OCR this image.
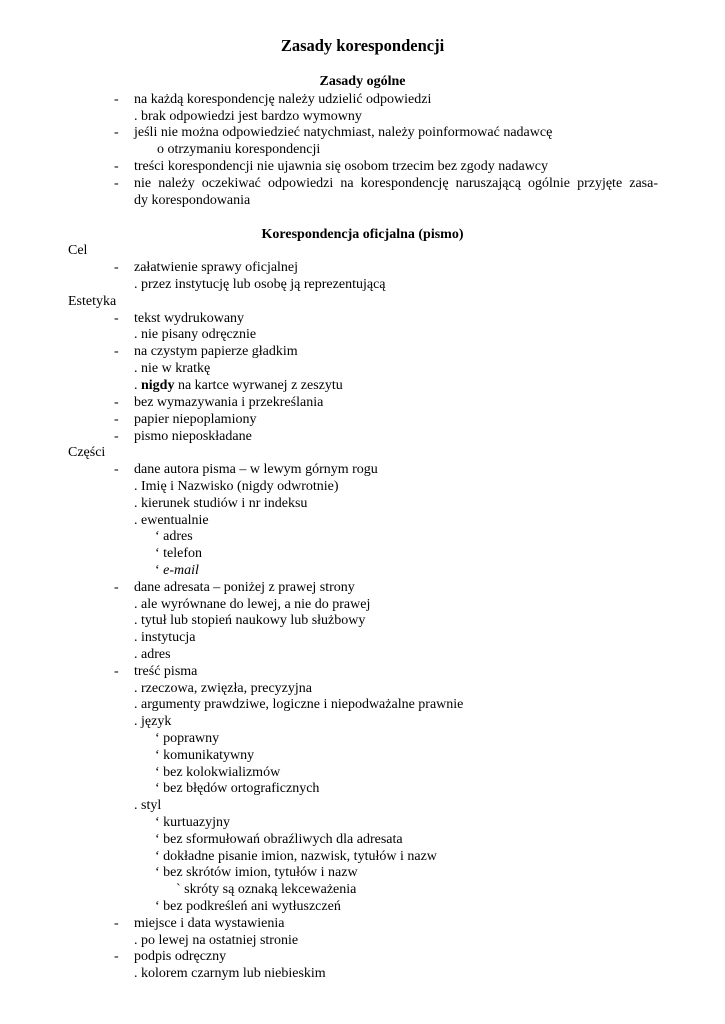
Zasady korespondencji
Zasady ogólne
- na każdą korespondencję należy udzielić odpowiedzi
. brak odpowiedzi jest bardzo wymowny
- jeśli nie można odpowiedzieć natychmiast, należy poinformować nadawcę
o otrzymaniu korespondencji
- treści korespondencji nie ujawnia się osobom trzecim bez zgody nadawcy
- nie należy oczekiwać odpowiedzi na korespondencję naruszającą ogólnie przyjęte zasa-
dy korespondowania
Korespondencja oficjalna (pismo)
Cel
- załatwienie sprawy oficjalnej
. przez instytucję lub osobę ją reprezentującą
Estetyka
- tekst wydrukowany
. nie pisany odręcznie
- na czystym papierze gładkim
. nie w kratkę
. nigdy na kartce wyrwanej z zeszytu
- bez wymazywania i przekreślania
- papier niepoplamiony
- pismo nieposkładane
Części
- dane autora pisma – w lewym górnym rogu
. Imię i Nazwisko (nigdy odwrotnie)
. kierunek studiów i nr indeksu
. ewentualnie
‘ adres
‘ telefon
‘ e-mail
- dane adresata – poniżej z prawej strony
. ale wyrównane do lewej, a nie do prawej
. tytuł lub stopień naukowy lub służbowy
. instytucja
. adres
- treść pisma
. rzeczowa, zwięzła, precyzyjna
. argumenty prawdziwe, logiczne i niepodważalne prawnie
. język
‘ poprawny
‘ komunikatywny
‘ bez kolokwializmów
‘ bez błędów ortograficznych
. styl
‘ kurtuazyjny
‘ bez sformułowań obraźliwych dla adresata
‘ dokładne pisanie imion, nazwisk, tytułów i nazw
‘ bez skrótów imion, tytułów i nazw
` skróty są oznaką lekceważenia
‘ bez podkreśleń ani wytłuszczeń
- miejsce i data wystawienia
. po lewej na ostatniej stronie
- podpis odręczny
. kolorem czarnym lub niebieskim
